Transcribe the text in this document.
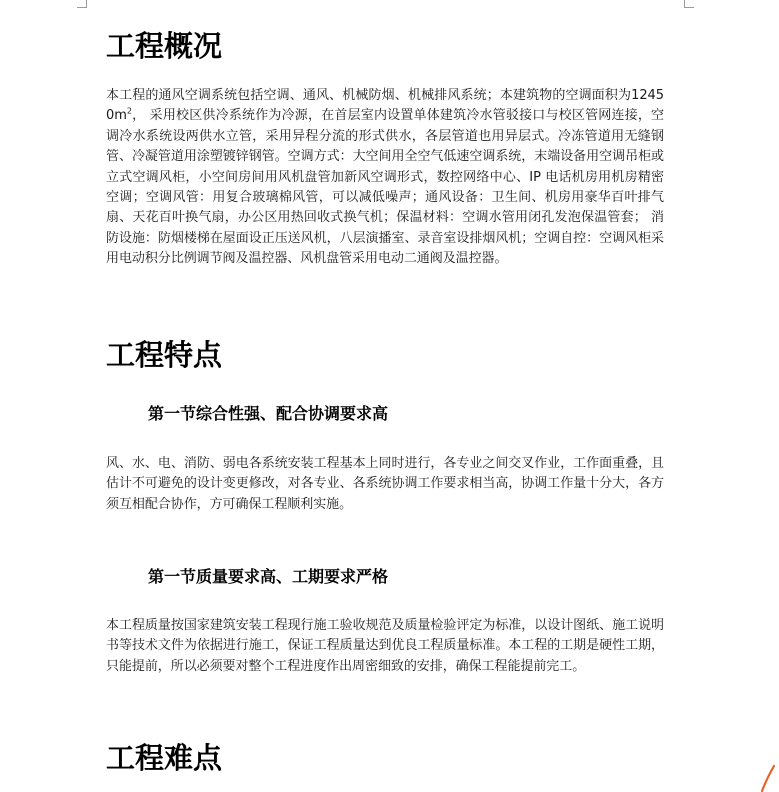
工程概况

本工程的通风空调系统包括空调、通风、机械防烟、机械排风系统；本建筑物的空调面积为$12450m^2$， 采用校区供冷系统作为冷源，在首层室内设置单体建筑冷水管驳接口与校区管网连接，空调冷水系统设两供水立管，采用异程分流的形式供水，各层管道也用异层式。冷冻管道用无缝钢管、冷凝管道用涂塑镀锌钢管。空调方式：大空间用全空气低速空调系统，末端设备用空调吊柜或立式空调风柜，小空间房间用风机盘管加新风空调形式，数控网络中心、IP 电话机房用机房精密空调；空调风管：用复合玻璃棉风管，可以减低噪声；通风设备：卫生间、机房用豪华百叶排气扇、天花百叶换气扇，办公区用热回收式换气机；保温材料：空调水管用闭孔发泡保温管套； 消防设施：防烟楼梯在屋面设正压送风机，八层演播室、录音室设排烟风机；空调自控：空调风柜采用电动积分比例调节阀及温控器、风机盘管采用电动二通阀及温控器。

工程特点
第一节综合性强、配合协调要求高

风、水、电、消防、弱电各系统安装工程基本上同时进行，各专业之间交叉作业，工作面重叠，且估计不可避免的设计变更修改，对各专业、各系统协调工作要求相当高，协调工作量十分大，各方须互相配合协作，方可确保工程顺利实施。

第一节质量要求高、工期要求严格

本工程质量按国家建筑安装工程现行施工验收规范及质量检验评定为标准，以设计图纸、施工说明书等技术文件为依据进行施工，保证工程质量达到优良工程质量标准。本工程的工期是硬性工期，只能提前，所以必须要对整个工程进度作出周密细致的安排，确保工程能提前完工。

工程难点
